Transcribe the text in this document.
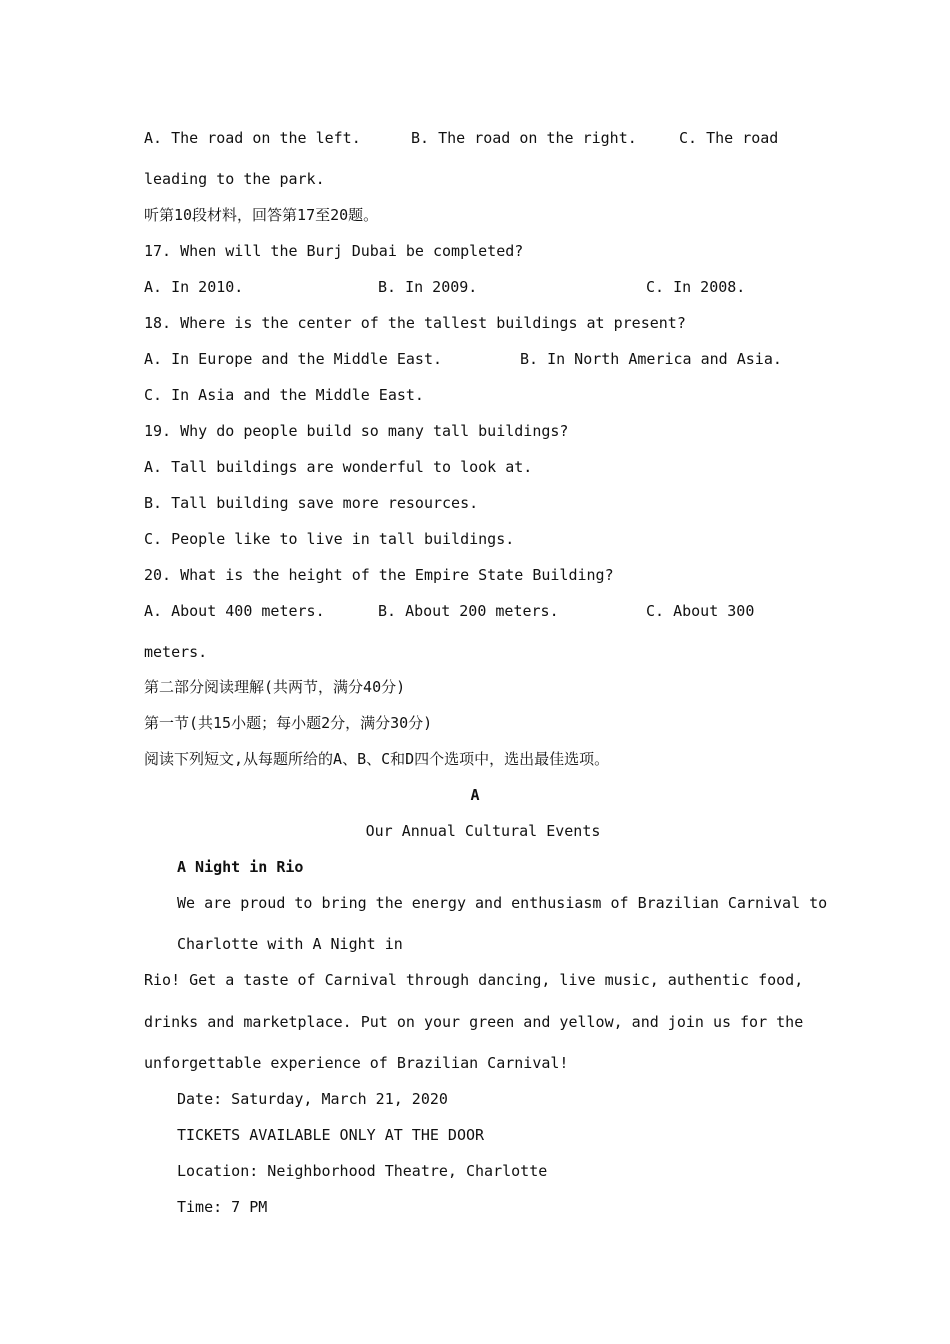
A. The road on the left.	B. The road on the right.	C. The road
leading to the park.
听第10段材料，回答第17至20题。
17. When will the Burj Dubai be completed?
A. In 2010.	B. In 2009.	C. In 2008.
18. Where is the center of the tallest buildings at present?
A. In Europe and the Middle East.	B. In North America and Asia.
C. In Asia and the Middle East.
19. Why do people build so many tall buildings?
A. Tall buildings are wonderful to look at.
B. Tall building save more resources.
C. People like to live in tall buildings.
20. What is the height of the Empire State Building?
A. About 400 meters.	B. About 200 meters.	C. About 300
meters.
第二部分阅读理解(共两节，满分40分)
第一节(共15小题；每小题2分，满分30分)
阅读下列短文,从每题所给的A、B、C和D四个选项中，选出最佳选项。
A
Our Annual Cultural Events
A Night in Rio
We are proud to bring the energy and enthusiasm of Brazilian Carnival to
Charlotte with A Night in
Rio! Get a taste of Carnival through dancing, live music, authentic food,
drinks and marketplace. Put on your green and yellow, and join us for the
unforgettable experience of Brazilian Carnival!
Date: Saturday, March 21, 2020
TICKETS AVAILABLE ONLY AT THE DOOR
Location: Neighborhood Theatre, Charlotte
Time: 7 PM
